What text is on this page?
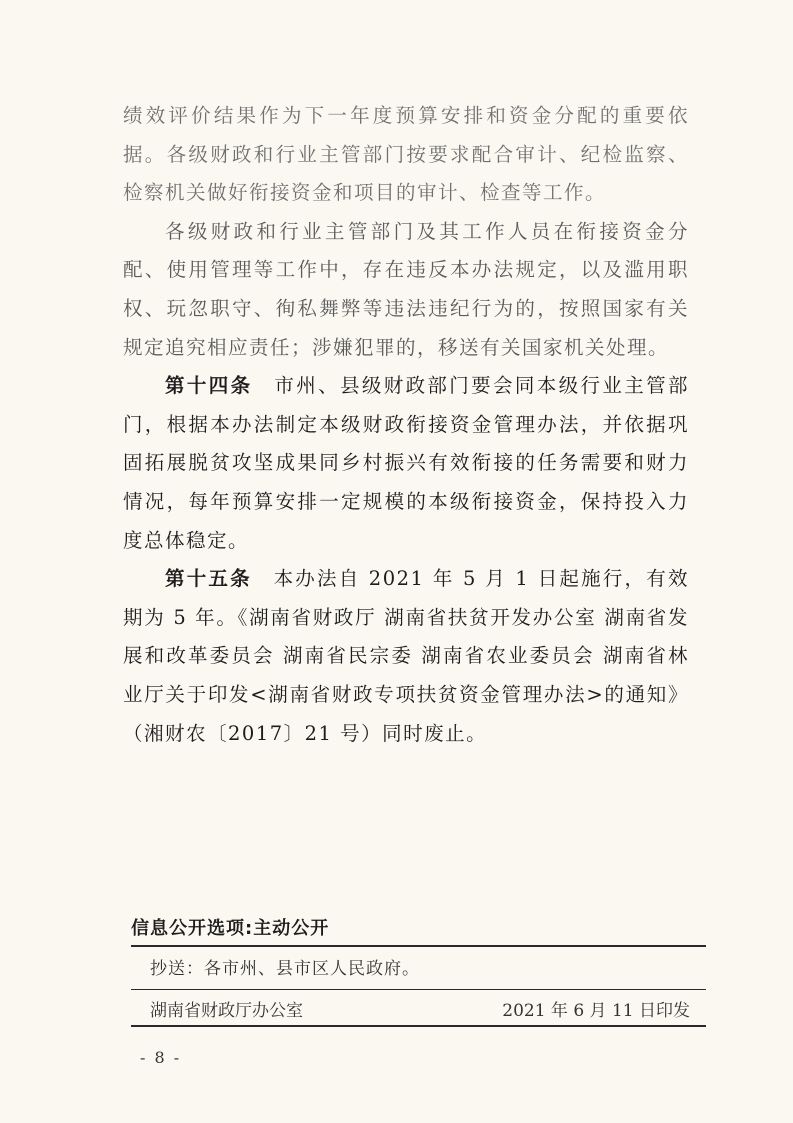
绩效评价结果作为下一年度预算安排和资金分配的重要依据。各级财政和行业主管部门按要求配合审计、纪检监察、检察机关做好衔接资金和项目的审计、检查等工作。

各级财政和行业主管部门及其工作人员在衔接资金分配、使用管理等工作中，存在违反本办法规定，以及滥用职权、玩忽职守、徇私舞弊等违法违纪行为的，按照国家有关规定追究相应责任；涉嫌犯罪的，移送有关国家机关处理。

第十四条　 市州、县级财政部门要会同本级行业主管部门，根据本办法制定本级财政衔接资金管理办法，并依据巩固拓展脱贫攻坚成果同乡村振兴有效衔接的任务需要和财力情况，每年预算安排一定规模的本级衔接资金，保持投入力度总体稳定。

第十五条　 本办法自 2021 年 5 月 1 日起施行，有效期为 5 年。《湖南省财政厅 湖南省扶贫开发办公室 湖南省发展和改革委员会 湖南省民宗委 湖南省农业委员会 湖南省林业厅关于印发<湖南省财政专项扶贫资金管理办法>的通知》（湘财农〔2017〕21 号）同时废止。

信息公开选项:主动公开
抄送：各市州、县市区人民政府。
湖南省财政厅办公室	2021 年 6 月 11 日印发
- 8 -
